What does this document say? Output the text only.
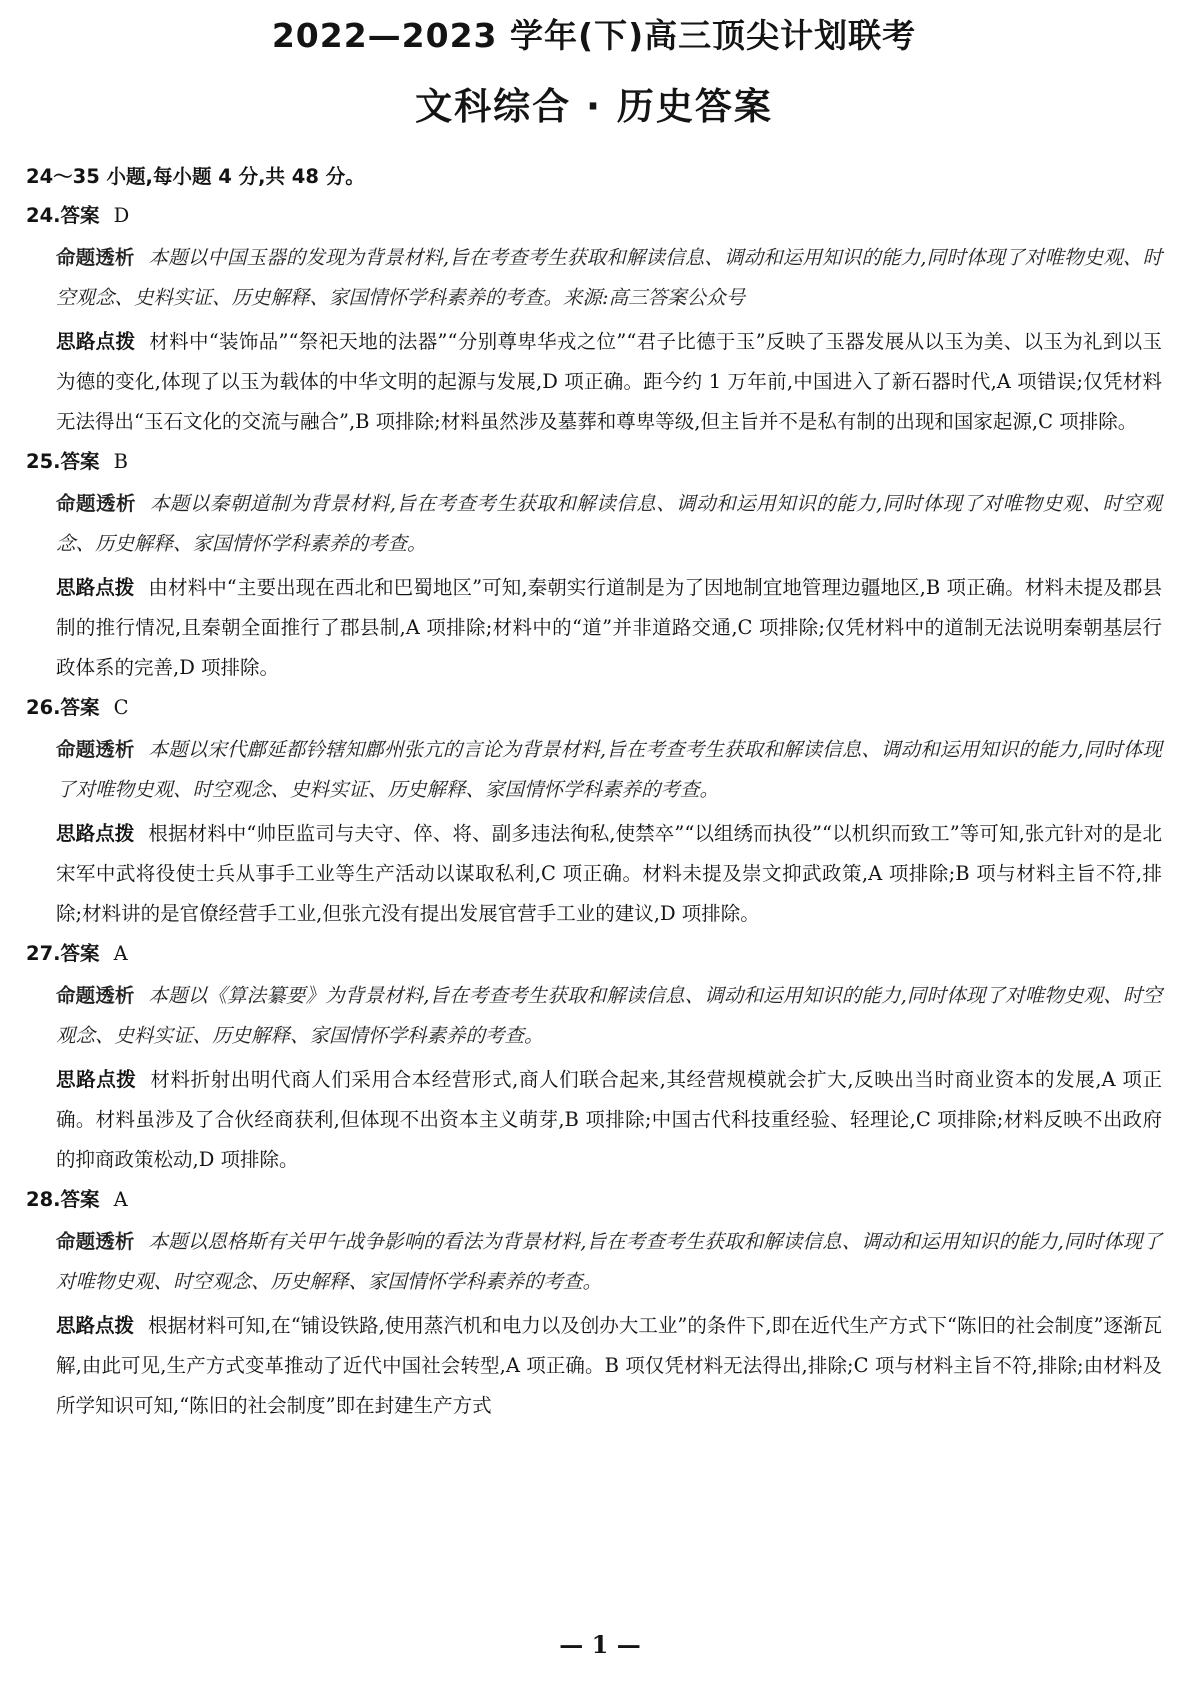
2022—2023 学年(下)高三顶尖计划联考
文科综合 · 历史答案

24～35 小题,每小题 4 分,共 48 分。

24.答案 D

命题透析 本题以中国玉器的发现为背景材料,旨在考查考生获取和解读信息、调动和运用知识的能力,同时体现了对唯物史观、时空观念、史料实证、历史解释、家国情怀学科素养的考查。来源:高三答案公众号

思路点拨 材料中“装饰品”“祭祀天地的法器”“分别尊卑华戎之位”“君子比德于玉”反映了玉器发展从以玉为美、以玉为礼到以玉为德的变化,体现了以玉为载体的中华文明的起源与发展,D 项正确。距今约 1 万年前,中国进入了新石器时代,A 项错误;仅凭材料无法得出“玉石文化的交流与融合”,B 项排除;材料虽然涉及墓葬和尊卑等级,但主旨并不是私有制的出现和国家起源,C 项排除。

25.答案 B

命题透析 本题以秦朝道制为背景材料,旨在考查考生获取和解读信息、调动和运用知识的能力,同时体现了对唯物史观、时空观念、历史解释、家国情怀学科素养的考查。

思路点拨 由材料中“主要出现在西北和巴蜀地区”可知,秦朝实行道制是为了因地制宜地管理边疆地区,B 项正确。材料未提及郡县制的推行情况,且秦朝全面推行了郡县制,A 项排除;材料中的“道”并非道路交通,C 项排除;仅凭材料中的道制无法说明秦朝基层行政体系的完善,D 项排除。

26.答案 C

命题透析 本题以宋代鄜延都钤辖知鄜州张亢的言论为背景材料,旨在考查考生获取和解读信息、调动和运用知识的能力,同时体现了对唯物史观、时空观念、史料实证、历史解释、家国情怀学科素养的考查。

思路点拨 根据材料中“帅臣监司与夫守、倅、将、副多违法徇私,使禁卒”“以组绣而执役”“以机织而致工”等可知,张亢针对的是北宋军中武将役使士兵从事手工业等生产活动以谋取私利,C 项正确。材料未提及崇文抑武政策,A 项排除;B 项与材料主旨不符,排除;材料讲的是官僚经营手工业,但张亢没有提出发展官营手工业的建议,D 项排除。

27.答案 A

命题透析 本题以《算法纂要》为背景材料,旨在考查考生获取和解读信息、调动和运用知识的能力,同时体现了对唯物史观、时空观念、史料实证、历史解释、家国情怀学科素养的考查。

思路点拨 材料折射出明代商人们采用合本经营形式,商人们联合起来,其经营规模就会扩大,反映出当时商业资本的发展,A 项正确。材料虽涉及了合伙经商获利,但体现不出资本主义萌芽,B 项排除;中国古代科技重经验、轻理论,C 项排除;材料反映不出政府的抑商政策松动,D 项排除。

28.答案 A

命题透析 本题以恩格斯有关甲午战争影响的看法为背景材料,旨在考查考生获取和解读信息、调动和运用知识的能力,同时体现了对唯物史观、时空观念、历史解释、家国情怀学科素养的考查。

思路点拨 根据材料可知,在“铺设铁路,使用蒸汽机和电力以及创办大工业”的条件下,即在近代生产方式下“陈旧的社会制度”逐渐瓦解,由此可见,生产方式变革推动了近代中国社会转型,A 项正确。B 项仅凭材料无法得出,排除;C 项与材料主旨不符,排除;由材料及所学知识可知,“陈旧的社会制度”即在封建生产方式

— 1 —
